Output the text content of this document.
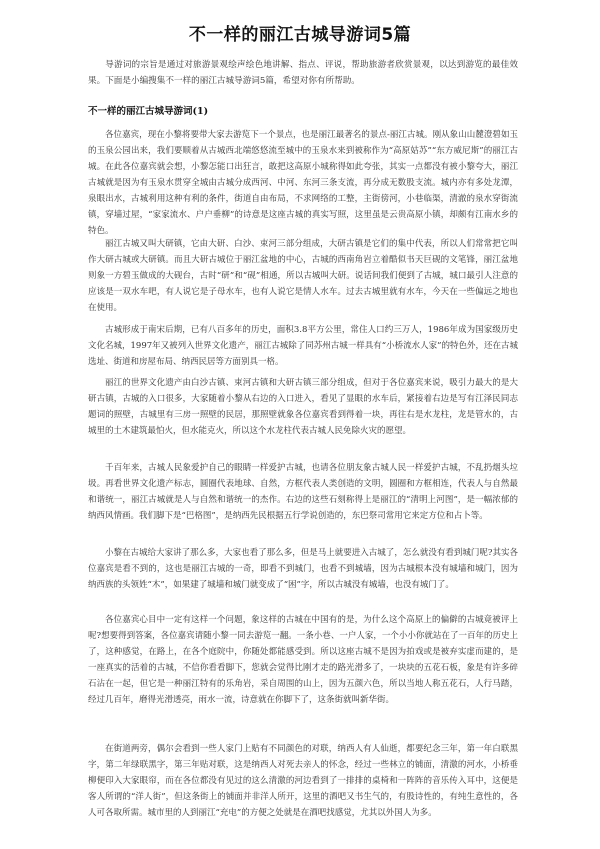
不一样的丽江古城导游词5篇
导游词的宗旨是通过对旅游景观绘声绘色地讲解、指点、评说，帮助旅游者欣赏景观，以达到游览的最佳效果。下面是小编搜集不一样的丽江古城导游词5篇，希望对你有所帮助。
不一样的丽江古城导游词(1)

各位嘉宾，现在小黎将要带大家去游览下一个景点，也是丽江最著名的景点-丽江古城。刚从象山山麓澄碧如玉的玉泉公园出来，我们要顺着从古城西北端悠悠流至城中的玉泉水来到被称作为“高原姑苏”“东方威尼斯”的丽江古城。在此各位嘉宾就会想，小黎怎能口出狂言，敢把这高原小城称得如此夸张，其实一点都没有被小黎夸大，丽江古城就是因为有玉泉水贯穿全城由古城分成西河、中河、东河三条支流，再分成无数股支流。城内亦有多处龙潭，泉眼出水，古城利用这种有利的条件，街道自由布局，不求网络的工整，主街傍河，小巷临渠，清澈的泉水穿街流镇，穿墙过屋，“家家流水、户户垂柳”的诗意是这座古城的真实写照，这里虽是云贵高原小镇，却颇有江南水乡的特色。

丽江古城又叫大研镇，它由大研、白沙、束河三部分组成，大研古镇是它们的集中代表，所以人们常常把它叫作大研古城或大研镇。而且大研古城位于丽江盆地的中心，古城的西南角岩立着酷似书天巨砚的文笔锋，丽江盆地则象一方碧玉做成的大砚台，古时“研”和“砚”相通，所以古城叫大研。说话间我们便到了古城，城口最引人注意的应该是一双水车吧，有人说它是子母水车，也有人说它是情人水车。过去古城里就有水车，今天在一些偏远之地也在使用。

古城形成于南宋后期，已有八百多年的历史，面积3.8平方公里，常住人口约三万人，1986年成为国家级历史文化名城，1997年又被列入世界文化遗产，丽江古城除了同苏州古城一样具有“小桥流水人家”的特色外，还在古城选址、街道和房屋布局、纳西民居等方面别具一格。

丽江的世界文化遗产由白沙古镇、束河古镇和大研古镇三部分组成，但对于各位嘉宾来说，吸引力最大的是大研古镇，古城的入口很多，大家随着小黎从右边的入口进入，看见了显眼的水车后，紧接着右边是写有江泽民同志题词的照壁，古城里有三房一照壁的民居，那照壁就象各位嘉宾看到得着一块，再往右是水龙柱，龙是管水的，古城里的土木建筑最怕火，但水能克火，所以这个水龙柱代表古城人民免除火灾的愿望。

千百年来，古城人民象爱护自己的眼睛一样爱护古城，也请各位朋友象古城人民一样爱护古城，不乱扔烟头垃圾。再看世界文化遗产标志，圆圈代表地球、自然，方框代表人类创造的文明，圆圈和方框相连，代表人与自然最和谐统一，丽江古城就是人与自然和谐统一的杰作。右边的这些石刻称得上是丽江的“清明上河图”，是一幅浓郁的纳西风情画。我们脚下是“巴格图”，是纳西先民根据五行学说创造的，东巴祭司常用它来定方位和占卜等。

小黎在古城给大家讲了那么多，大家也看了那么多，但是马上就要进入古城了，怎么就没有看到城门呢?其实各位嘉宾是看不到的，这也是丽江古城的一奇，即看不到城门，也看不到城墙，因为古城根本没有城墙和城门，因为纳西族的头领姓“木”，如果建了城墙和城门就变成了“困”字，所以古城没有城墙，也没有城门了。

各位嘉宾心目中一定有这样一个问题，象这样的古城在中国有的是，为什么这个高原上的偏僻的古城竟被评上呢?想要得到答案，各位嘉宾请随小黎一同去游览一翻。一条小巷、一户人家，一个小小你就站在了一百年的历史上了，这种感觉，在路上，在各个庭院中，你随处都能感受到。所以这座古城不是因为拍戏或是被弃实虚而建的，是一座真实的活着的古城，不信你看看脚下，您就会觉得比刚才走的路光滑多了，一块块的五花石板，象是有许多碎石沾在一起，但它是一种丽江特有的乐角岩，采自周围的山上，因为五颜六色，所以当地人称五花石，人行马踏，经过几百年，磨得光滑透亮，雨水一流，诗意就在你脚下了，这条街就叫新华街。

在街道两旁，偶尔会看到一些人家门上贴有不同颜色的对联，纳西人有人仙逝，都要纪念三年，第一年白联黑字，第二年绿联黑字，第三年贴对联，这是纳西人对死去亲人的怀念，经过一些林立的铺面，清激的河水，小桥垂柳便印入大家眼帘，而在各位都没有见过的这么清激的河边看到了一排排的桌椅和一阵阵的音乐传入耳中，这便是客人所谓的“洋人街”，但这条街上的铺面并非洋人所开，这里的酒吧又书生气的，有股诗性的，有纯生意性的，各人可各取所需。城市里的人到丽江“充电”的方便之处就是在酒吧找感觉，尤其以外国人为多。
